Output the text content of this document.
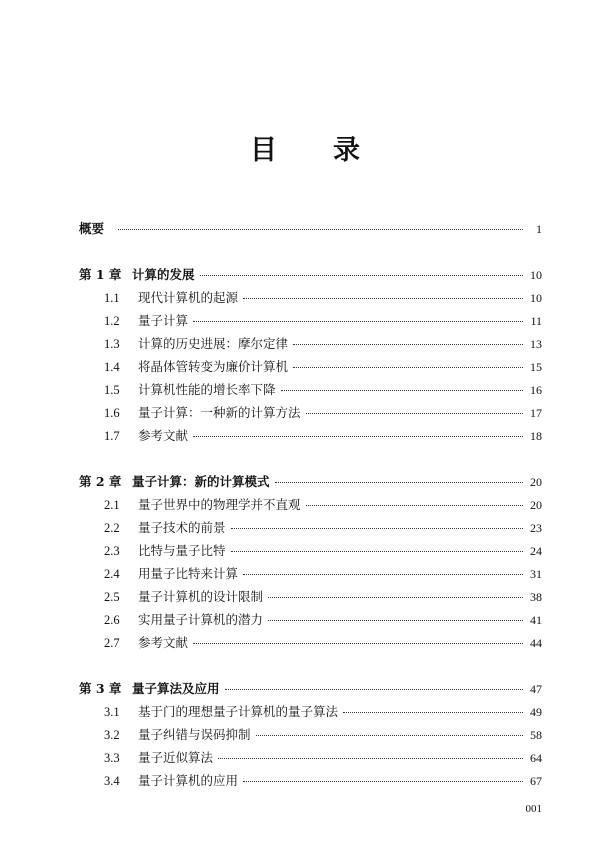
目录
概要	1
第 1 章 计算的发展	10
1.1	现代计算机的起源	10
1.2	量子计算	11
1.3	计算的历史进展：摩尔定律	13
1.4	将晶体管转变为廉价计算机	15
1.5	计算机性能的增长率下降	16
1.6	量子计算：一种新的计算方法	17
1.7	参考文献	18
第 2 章 量子计算：新的计算模式	20
2.1	量子世界中的物理学并不直观	20
2.2	量子技术的前景	23
2.3	比特与量子比特	24
2.4	用量子比特来计算	31
2.5	量子计算机的设计限制	38
2.6	实用量子计算机的潜力	41
2.7	参考文献	44
第 3 章 量子算法及应用	47
3.1	基于门的理想量子计算机的量子算法	49
3.2	量子纠错与误码抑制	58
3.3	量子近似算法	64
3.4	量子计算机的应用	67
001
